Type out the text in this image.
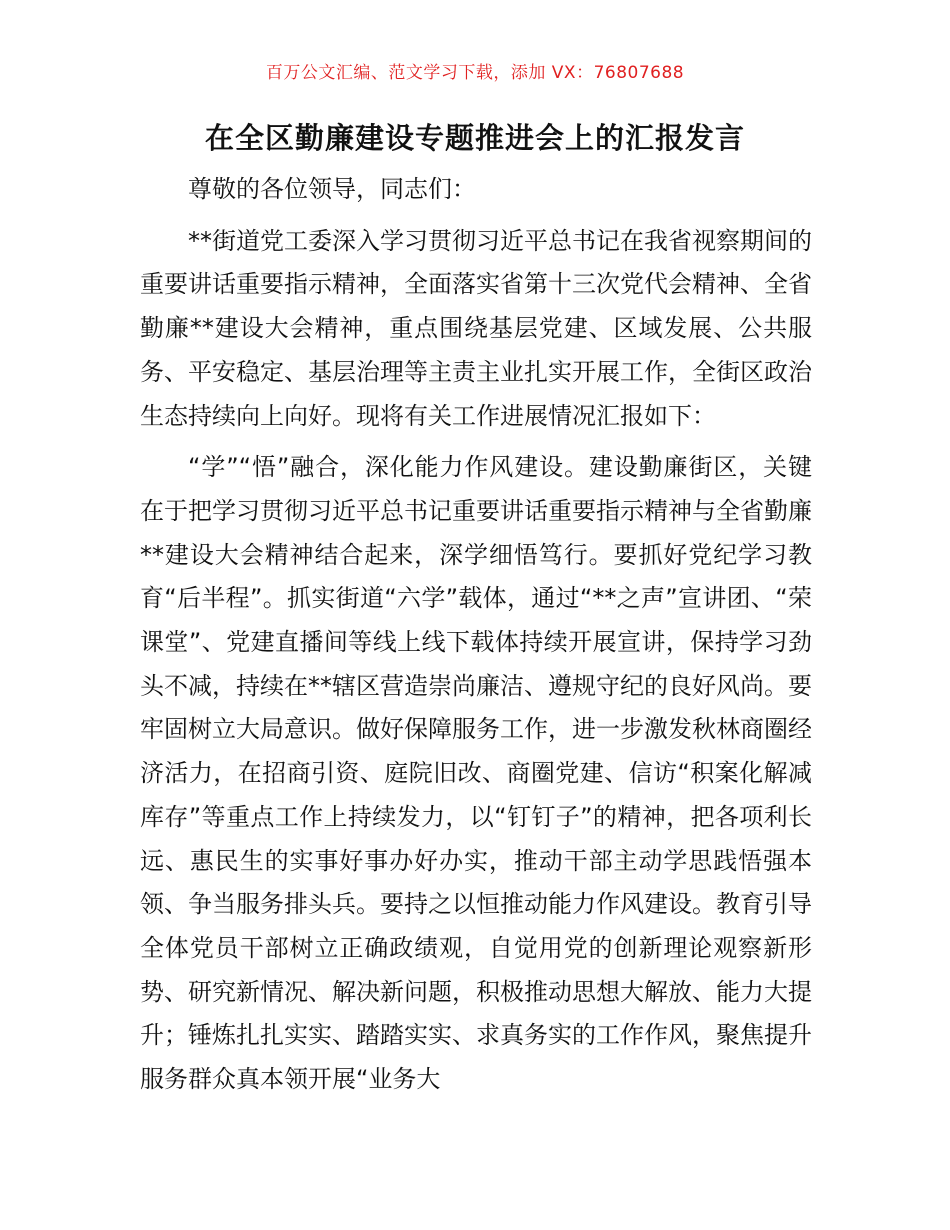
百万公文汇编、范文学习下载，添加 VX：76807688
在全区勤廉建设专题推进会上的汇报发言

尊敬的各位领导，同志们：

**街道党工委深入学习贯彻习近平总书记在我省视察期间的重要讲话重要指示精神，全面落实省第十三次党代会精神、全省勤廉**建设大会精神，重点围绕基层党建、区域发展、公共服务、平安稳定、基层治理等主责主业扎实开展工作，全街区政治生态持续向上向好。现将有关工作进展情况汇报如下：

“学”“悟”融合，深化能力作风建设。建设勤廉街区，关键在于把学习贯彻习近平总书记重要讲话重要指示精神与全省勤廉**建设大会精神结合起来，深学细悟笃行。要抓好党纪学习教育“后半程”。抓实街道“六学”载体，通过“**之声”宣讲团、“荣课堂”、党建直播间等线上线下载体持续开展宣讲，保持学习劲头不减，持续在**辖区营造崇尚廉洁、遵规守纪的良好风尚。要牢固树立大局意识。做好保障服务工作，进一步激发秋林商圈经济活力，在招商引资、庭院旧改、商圈党建、信访“积案化解减库存”等重点工作上持续发力，以“钉钉子”的精神，把各项利长远、惠民生的实事好事办好办实，推动干部主动学思践悟强本领、争当服务排头兵。要持之以恒推动能力作风建设。教育引导全体党员干部树立正确政绩观，自觉用党的创新理论观察新形势、研究新情况、解决新问题，积极推动思想大解放、能力大提升；锤炼扎扎实实、踏踏实实、求真务实的工作作风，聚焦提升服务群众真本领开展“业务大
